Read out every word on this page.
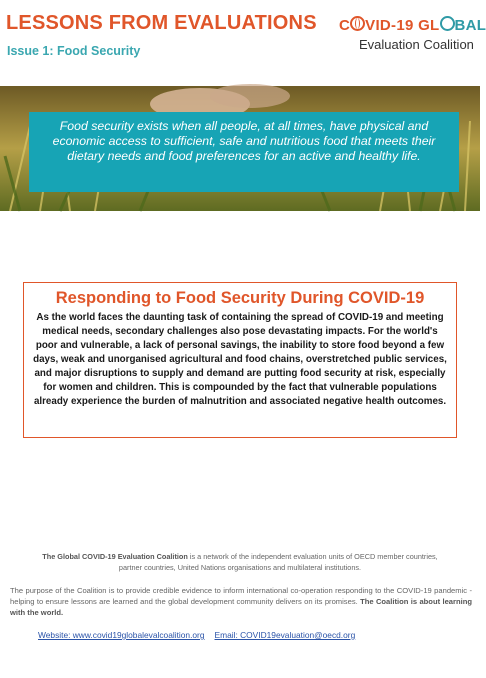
LESSONS FROM EVALUATIONS
Issue 1: Food Security
C VID-19 GL BAL
Evaluation Coalition
Food security exists when all people, at all times, have physical and economic access to sufficient, safe and nutritious food that meets their dietary needs and food preferences for an active and healthy life.
Responding to Food Security During COVID-19
As the world faces the daunting task of containing the spread of COVID-19 and meeting medical needs, secondary challenges also pose devastating impacts. For the world's poor and vulnerable, a lack of personal savings, the inability to store food beyond a few days, weak and unorganised agricultural and food chains, overstretched public services, and major disruptions to supply and demand are putting food security at risk, especially for women and children. This is compounded by the fact that vulnerable populations already experience the burden of malnutrition and associated negative health outcomes.
The Global COVID-19 Evaluation Coalition is a network of the independent evaluation units of OECD member countries, partner countries, United Nations organisations and multilateral institutions.
The purpose of the Coalition is to provide credible evidence to inform international co-operation responding to the COVID-19 pandemic - helping to ensure lessons are learned and the global development community delivers on its promises. The Coalition is about learning with the world.
Website: www.covid19globalevalcoalition.org Email: COVID19evaluation@oecd.org
